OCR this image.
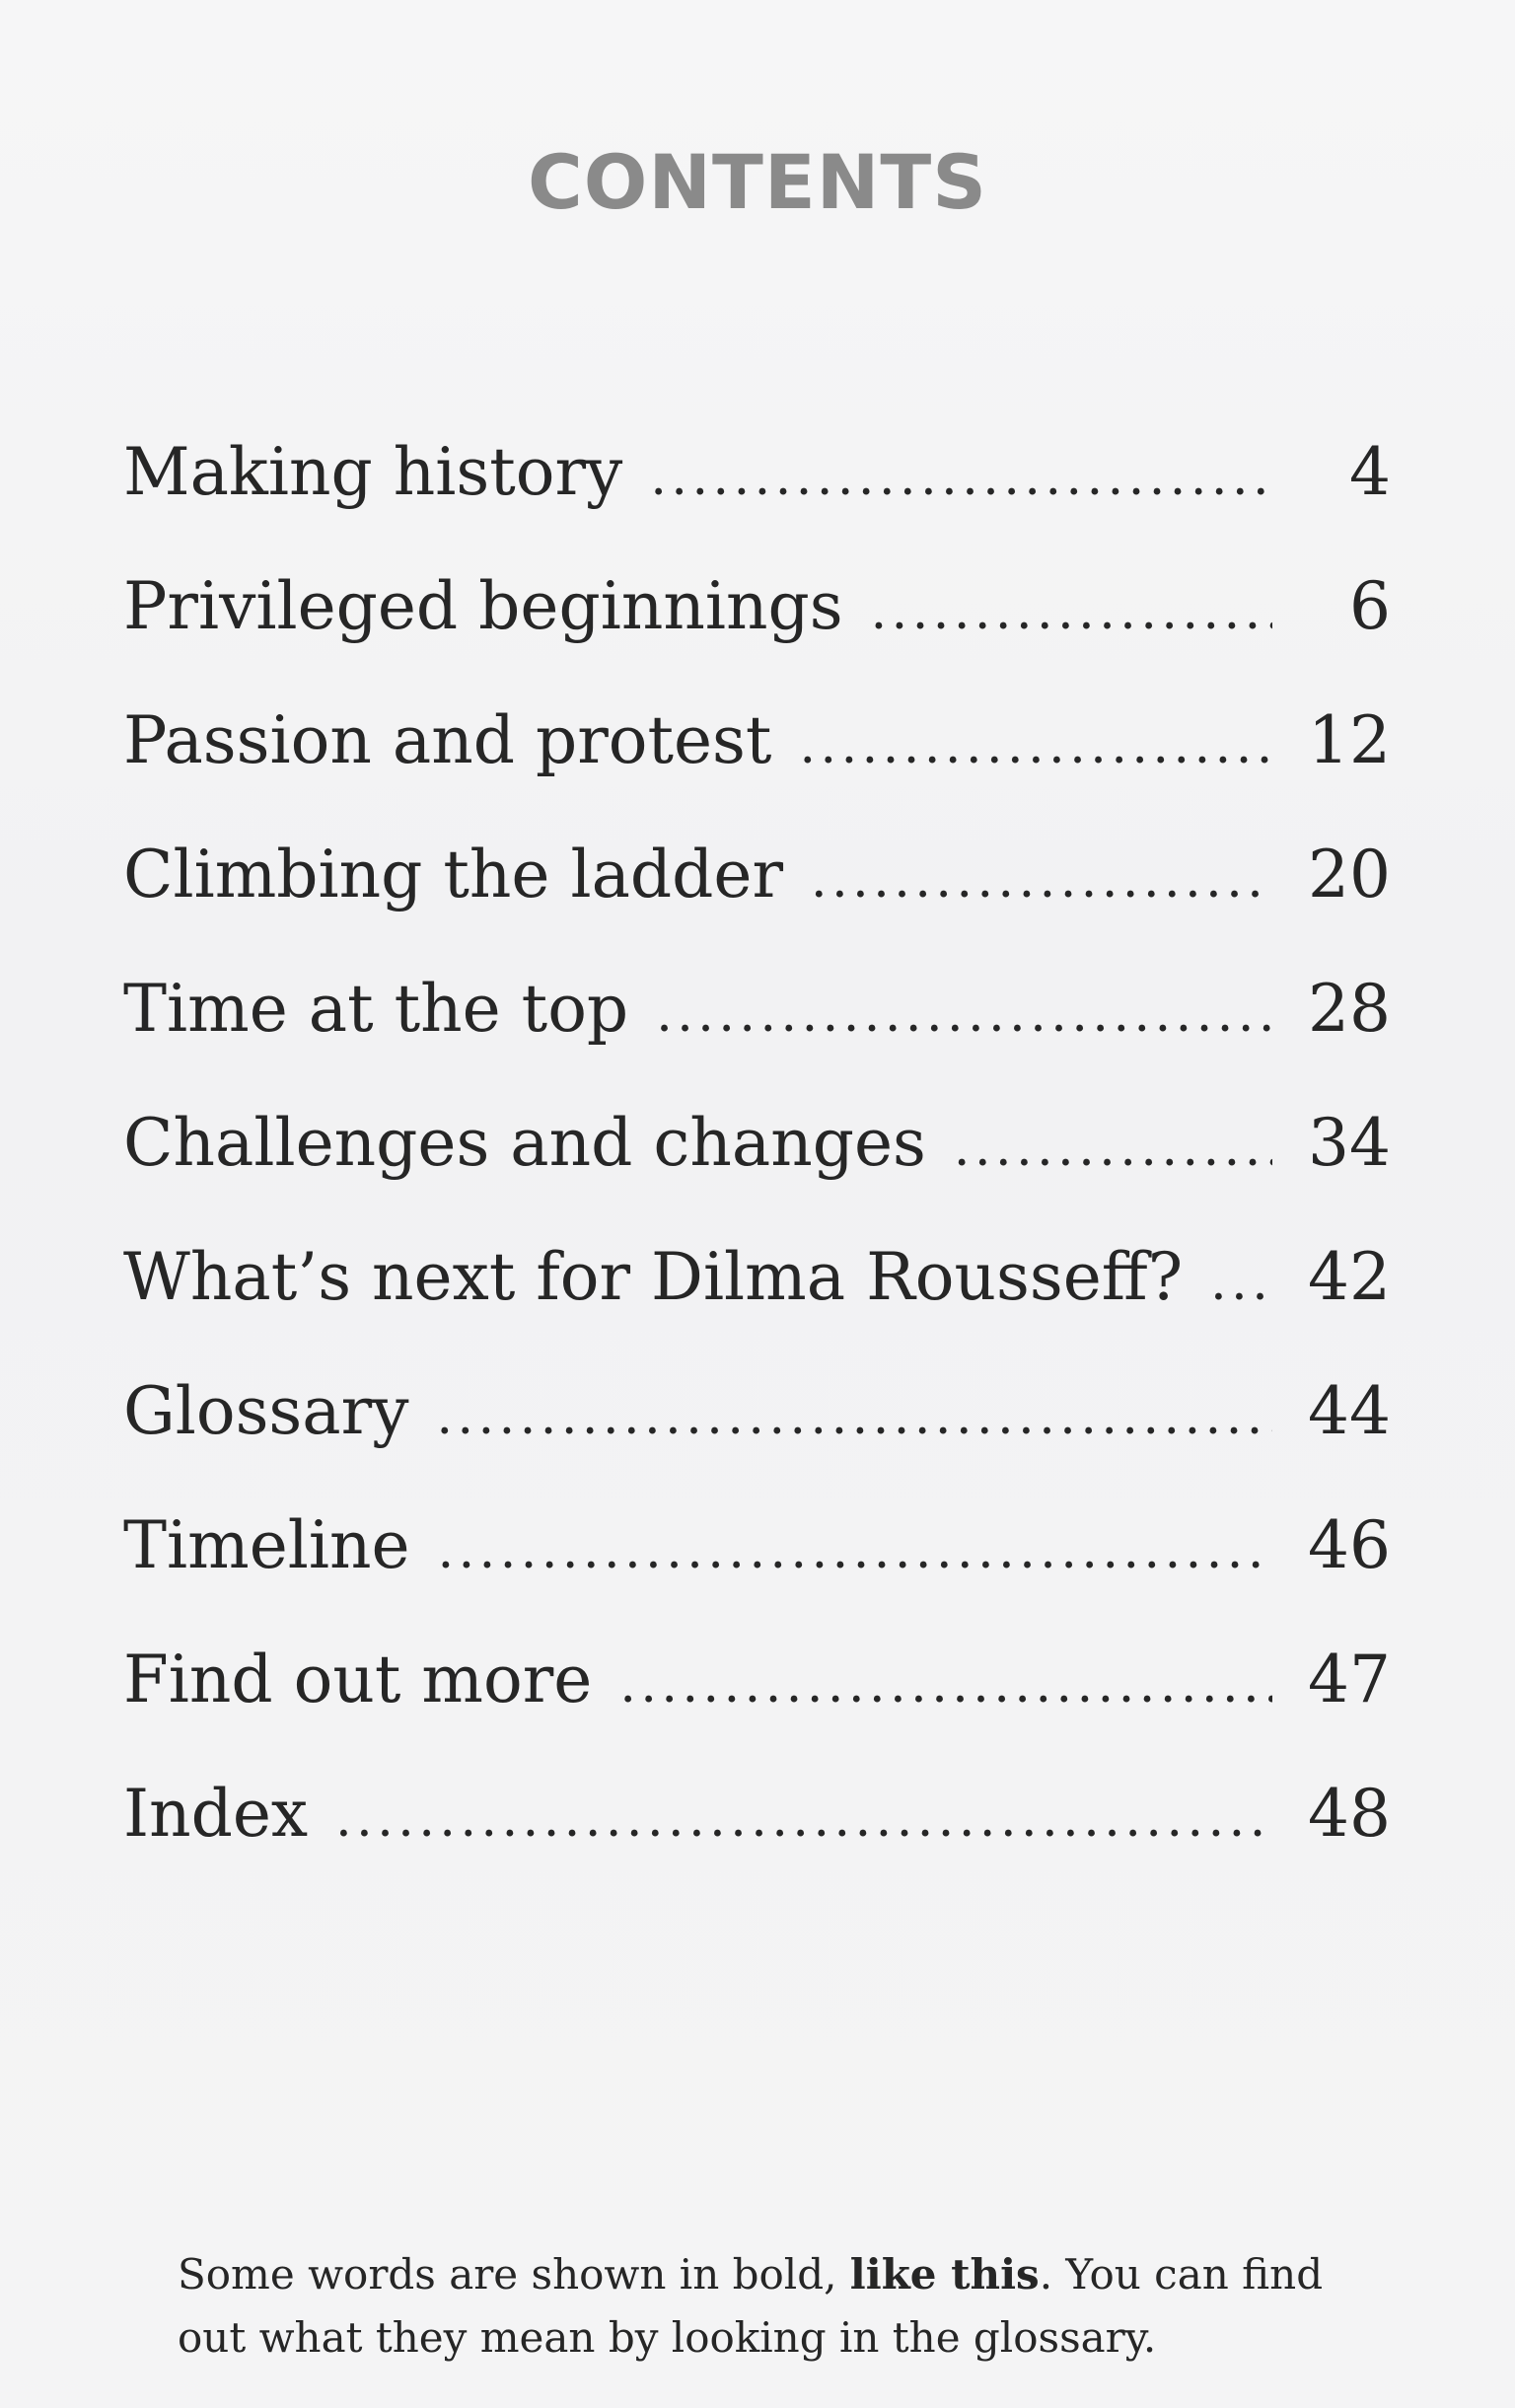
CONTENTS
Making history . . .	4
Privileged beginnings . . .	6
Passion and protest . . .	12
Climbing the ladder . . .	20
Time at the top . . .	28
Challenges and changes . . .	34
What’s next for Dilma Rousseff? . . .	42
Glossary . . .	44
Timeline . . .	46
Find out more . . .	47
Index . . .	48

Some words are shown in bold, like this. You can find out what they mean by looking in the glossary.
